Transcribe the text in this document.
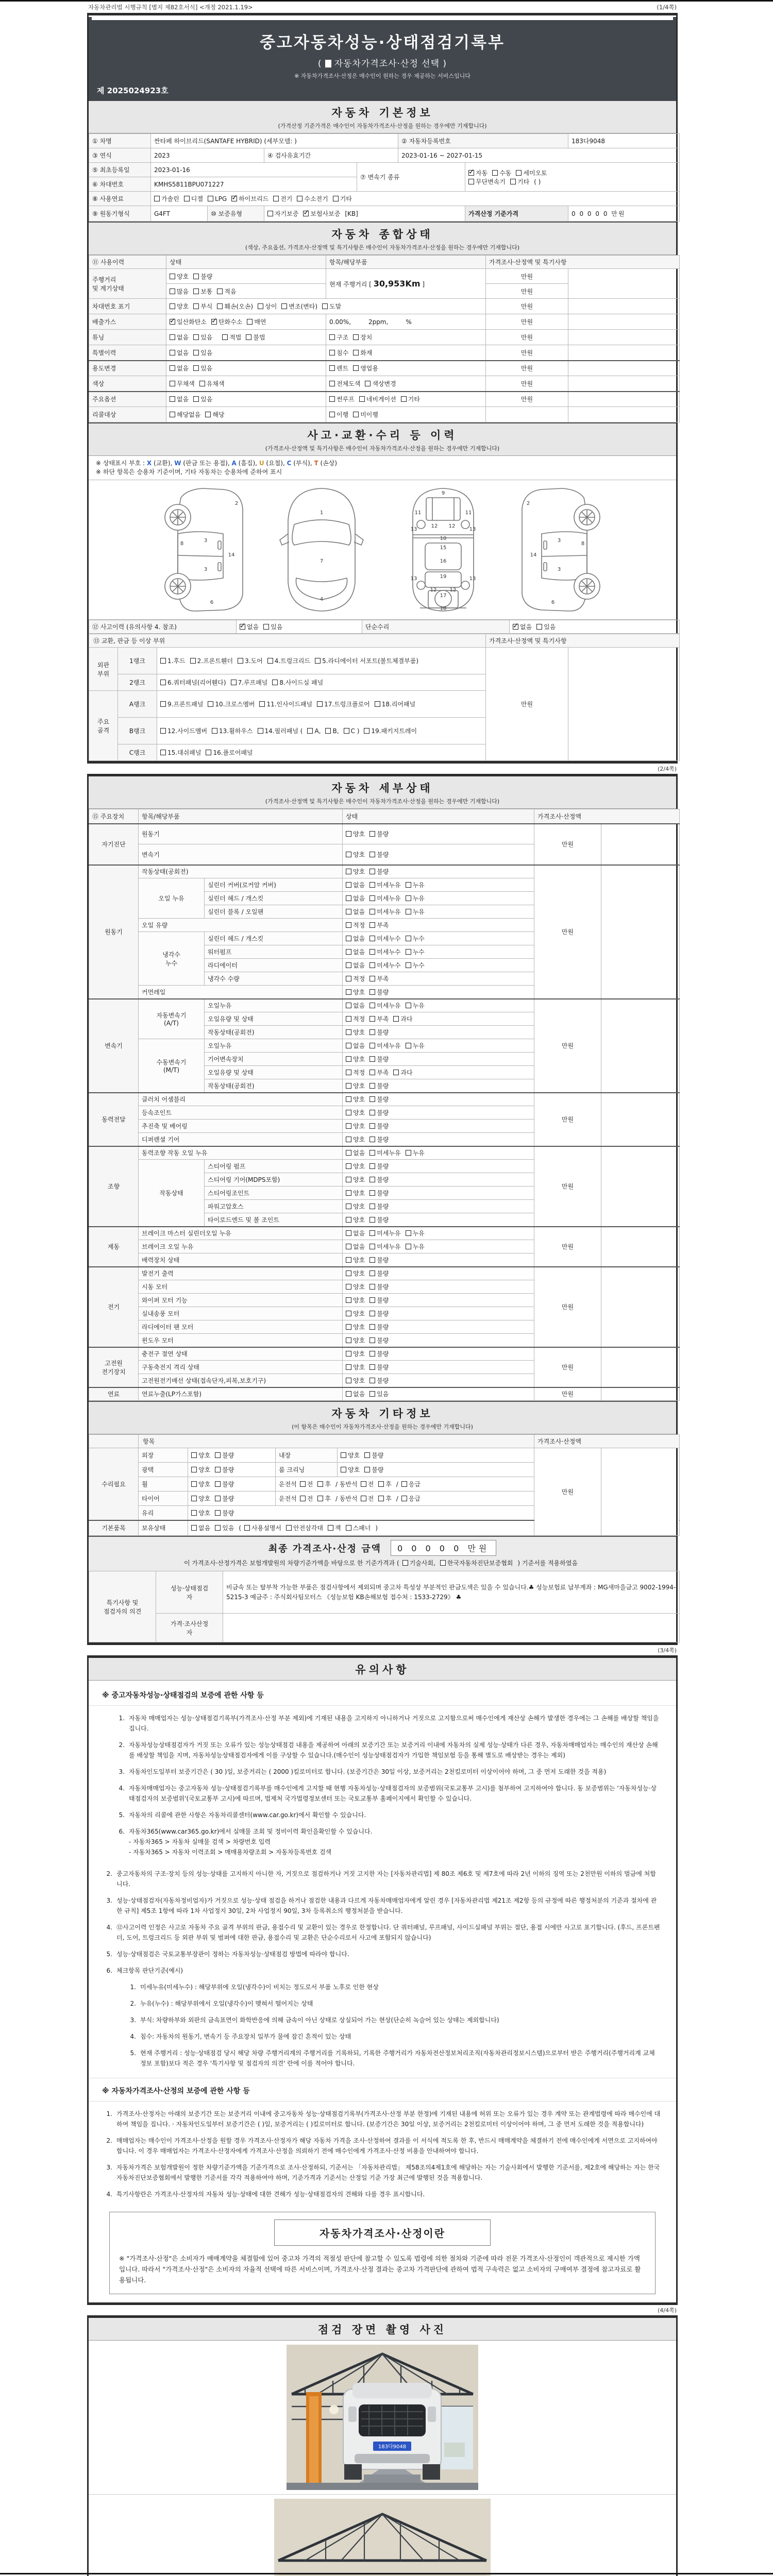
자동차관리법 시행규칙 [별지 제82호서식] <개정 2021.1.19>	(1/4쪽)
중고자동차성능·상태점검기록부
( 자동차가격조사·산정 선택 )
※ 자동차가격조사·산정은 매수인이 원하는 경우 제공하는 서비스입니다
제 2025024923호
자동차 기본정보
(가격산정 기준가격은 매수인이 자동차가격조사·산정을 원하는 경우에만 기재합니다)
① 차명	싼타페 하이브리드(SANTAFE HYBRID) (세부모델: )				② 자동차등록번호		183다9048
③ 연식	2023		④ 검사유효기간		2023-01-16 ~ 2027-01-15		
⑤ 최초등록일	2023-01-16			⑦ 변속기 종류	✓자동 수동 세미오토
무단변속기 기타 ( )
⑥ 차대번호	KMHS5811BPU071227						
⑧ 사용연료	가솔린 디젤 LPG ✓ 하이브리드 전기 수소전기 기타
⑨ 원동기형식	G4FT	⑩ 보증유형	자기보증 ✓ 보험사보증 [KB]			가격산정 기준가격	0 0 0 0 0 만원
자동차 종합상태
(색상, 주요옵션, 가격조사·산정액 및 특기사항은 매수인이 자동차가격조사·산정을 원하는 경우에만 기재합니다)
⑪ 사용이력	상태	항목/해당부품	가격조사·산정액 및 특기사항	
주행거리
및 계기상태	양호 불량	현재 주행거리 [ 30,953Km ]	만원	
	많음 보통 적음		만원	
차대번호 표기	양호 부식 훼손(오손) 상이 변조(변타) 도말		만원	
배출가스	✓일산화탄소 ✓ 탄화수소 매연	0.00%, 2ppm, %	만원	
튜닝	없음 있음 적법 불법	구조 장치	만원	
특별이력	없음 있음	침수 화재	만원	
용도변경	없음 있음	렌트 영업용	만원	
색상	무채색 유채색	전체도색 색상변경	만원	
주요옵션	없음 있음	썬루프 네비게이션 기타	만원	
리콜대상	해당없음 해당	이행 미이행		
사고·교환·수리 등 이력
(가격조사·산정액 및 특기사항은 매수인이 자동차가격조사·산정을 원하는 경우에만 기재합니다)
※ 상태표시 부호 : X (교환), W (판금 또는 용접), A (흠집), U (요철), C (부식), T (손상)
※ 하단 항목은 승용차 기준이며, 기타 자동차는 승용차에 준하여 표시
2
8
3
3
14
6
1
7
4
9
11	11
13	13
12 12
10
15
16
19
13	13
12	12
17
18
2
8
3
3
14
6
⑫ 사고이력 (유의사항 4. 참조)	✓없음 있음	단순수리	✓없음 있음
⑬ 교환, 판금 등 이상 부위			가격조사·산정액 및 특기사항	
외판
부위	1랭크	1.후드 2.프론트휀더 3.도어 4.트렁크리드 5.라디에이터 서포트(볼트체결부품)	만원	
	2랭크	6.쿼터패널(리어휀다) 7.루프패널 8.사이드실 패널		
주요
골격	A랭크	9.프론트패널 10.크로스멤버 11.인사이드패널 17.트렁크플로어 18.리어패널		
	B랭크	12.사이드멤버 13.휠하우스 14.필러패널 ( A, B, C ) 19.패키지트레이		
	C랭크	15.대쉬패널 16.플로어패널		
(2/4쪽)
자동차 세부상태
(가격조사·산정액 및 특기사항은 매수인이 자동차가격조사·산정을 원하는 경우에만 기재합니다)
⑮ 주요장치	항목/해당부품		상태	가격조사·산정액	
자기진단	원동기		양호 불량	만원	
	변속기		양호 불량		
원동기	작동상태(공회전)		양호 불량	만원	
	오일 누유	실린더 커버(로커암 커버)	없음 미세누유 누유		
		실린더 헤드 / 개스킷	없음 미세누유 누유		
		실린더 블록 / 오일팬	없음 미세누유 누유		
	오일 유량		적정 부족		
	냉각수
누수	실린더 헤드 / 개스킷	없음 미세누수 누수		
		워터펌프	없음 미세누수 누수		
		라디에이터	없음 미세누수 누수		
		냉각수 수량	적정 부족		
	커먼레일		양호 불량		
변속기	자동변속기
(A/T)	오일누유	없음 미세누유 누유	만원	
		오일유량 및 상태	적정 부족 과다		
		작동상태(공회전)	양호 불량		
	수동변속기
(M/T)	오일누유	없음 미세누유 누유		
		기어변속장치	양호 불량		
		오일유량 및 상태	적정 부족 과다		
		작동상태(공회전)	양호 불량		
동력전달	클러치 어셈블리		양호 불량	만원	
	등속조인트		양호 불량		
	추진축 및 베어링		양호 불량		
	디퍼렌셜 기어		양호 불량		
조향	동력조향 작동 오일 누유		없음 미세누유 누유	만원	
	작동상태	스티어링 펌프	양호 불량		
		스티어링 기어(MDPS포함)	양호 불량		
		스티어링조인트	양호 불량		
		파워고압호스	양호 불량		
		타이로드엔드 및 볼 조인트	양호 불량		
제동	브레이크 마스터 실린더오일 누유		없음 미세누유 누유	만원	
	브레이크 오일 누유		없음 미세누유 누유		
	배력장치 상태		양호 불량		
전기	발전기 출력		양호 불량	만원	
	시동 모터		양호 불량		
	와이퍼 모터 기능		양호 불량		
	실내송풍 모터		양호 불량		
	라디에이터 팬 모터		양호 불량		
	윈도우 모터		양호 불량		
고전원
전기장치	충전구 절연 상태		양호 불량	만원	
	구동축전지 격리 상태		양호 불량		
	고전원전기배선 상태(접속단자,피복,보호기구)		양호 불량		
연료	연료누출(LP가스포함)		없음 있음	만원	
자동차 기타정보
(이 항목은 매수인이 자동차가격조사·산정을 원하는 경우에만 기재합니다)
	항목				가격조사·산정액		
수리필요	외장	양호 불량	내장	양호 불량	만원		
	광택	양호 불량	룸 크리닝	양호 불량			
	휠	양호 불량	운전석 전 후 / 동반석 전 후 / 응급				
	타이어	양호 불량	운전석 전 후 / 동반석 전 후 / 응급				
	유리	양호 불량					
기본품목	보유상태	없음 있음 ( 사용설명서 안전삼각대 잭 스패너 )					
최종 가격조사·산정 금액	0 0 0 0 0 만원
이 가격조사·산정가격은 보험개발원의 차량기준가액을 바탕으로 한 기준가격과 ( 기술사회, 한국자동차진단보증협회 ) 기준서를 적용하였음
특기사항 및
점검자의 의견	성능·상태점검
자	비금속 또는 탈부착 가능한 부품은 점검사항에서 제외되며 중고차 특성상 부분적인 판금도색은 있을 수 있습니다.♣ 성능보험료 납부계좌 : MG새마을금고 9002-1994-5215-3 예금주 : 주식회사팀모터스 《성능보험 KB손해보험 접수처 : 1533-2729》 ♣
	가격·조사산정
자	
(3/4쪽)
유의사항
※ 중고자동차성능·상태점검의 보증에 관한 사항 등
1. 자동차 매매업자는 성능·상태점검기록부(가격조사·산정 부분 제외)에 기재된 내용을 고지하지 아니하거나 거짓으로 고지함으로써 매수인에게 재산상 손해가 발생한 경우에는 그 손해를 배상할 책임을 집니다.
2. 자동차성능상태점검자가 거짓 또는 오류가 있는 성능상태점검 내용을 제공하여 아래의 보증기간 또는 보증거리 이내에 자동차의 실제 성능·상태가 다른 경우, 자동차매매업자는 매수인의 재산상 손해를 배상할 책임을 지며, 자동차성능상태점검자에게 이를 구상할 수 있습니다.(매수인이 성능상태점검자가 가입한 책임보험 등을 통해 별도로 배상받는 경우는 제외)
3. 자동차인도일부터 보증기간은 ( 30 )일, 보증거리는 ( 2000 )킬로미터로 합니다. (보증기간은 30일 이상, 보증거리는 2천킬로미터 이상이어야 하며, 그 중 먼저 도래한 것을 적용)
4. 자동차매매업자는 중고자동차 성능·상태점검기록부를 매수인에게 고지할 때 현행 자동차성능·상태점검자의 보증범위(국토교통부 고시)를 첨부하여 고지하여야 합니다. 동 보증범위는 '자동차성능·상태점검자의 보증범위'(국토교통부 고시)에 따르며, 법제처 국가법령정보센터 또는 국토교통부 홈페이지에서 확인할 수 있습니다.
5. 자동차의 리콜에 관한 사항은 자동차리콜센터(www.car.go.kr)에서 확인할 수 있습니다.
6. 자동차365(www.car365.go.kr)에서 실매물 조회 및 정비이력 확인을확인할 수 있습니다.
- 자동차365 > 자동차 실매물 검색 > 차량번호 입력
- 자동차365 > 자동차 이력조회 > 매매용차량조회 > 자동차등록번호 검색
2. 중고자동차의 구조·장치 등의 성능·상태를 고지하지 아니한 자, 거짓으로 점검하거나 거짓 고지한 자는 [자동차관리법] 제 80조 제6호 및 제7호에 따라 2년 이하의 징역 또는 2천만원 이하의 벌금에 처합니다.
3. 성능·상태점검자(자동차정비업자)가 거짓으로 성능·상태 점검을 하거나 점검한 내용과 다르게 자동차매매업자에게 알린 경우 [자동차관리법 제21조 제2항 등의 규정에 따른 행정처분의 기준과 절차에 관한 규칙] 제5조 1항에 따라 1차 사업정지 30일, 2차 사업정지 90일, 3차 등록취소의 행정처분을 받습니다.
4. ⑫사고이력 인정은 사고로 자동차 주요 골격 부위의 판금, 용접수리 및 교환이 있는 경우로 한정합니다. 단 쿼터패널, 루프패널, 사이드실패널 부위는 절단, 용접 시에만 사고로 표기합니다. (후드, 프론트펜더, 도어, 트렁크리드 등 외판 부위 및 범퍼에 대한 판금, 용접수리 및 교환은 단순수리로서 사고에 포함되지 않습니다)
5. 성능·상태점검은 국토교통부장관이 정하는 자동차성능·상태점검 방법에 따라야 합니다.
6. 체크항목 판단기준(예시)
1. 미세누유(미세누수) : 해당부위에 오일(냉각수)이 비치는 정도로서 부품 노후로 인한 현상
2. 누유(누수) : 해당부위에서 오일(냉각수)이 맺혀서 떨어지는 상태
3. 부식: 차량하부와 외판의 금속표면이 화학반응에 의해 금속이 아닌 상태로 상실되어 가는 현상(단순히 녹슬어 있는 상태는 제외합니다)
4. 침수: 자동차의 원동기, 변속기 등 주요장치 일부가 물에 잠긴 흔적이 있는 상태
5. 현재 주행거리 : 성능·상태점검 당시 해당 차량 주행거리계의 주행거리를 기록하되, 기록한 주행거리가 자동차전산정보처리조직(자동차관리정보시스템)으로부터 받은 주행거리(주행거리계 교체 정보 포함)보다 적은 경우 '특기사항 및 점검자의 의견' 란에 이를 적어야 합니다.
※ 자동차가격조사·산정의 보증에 관한 사항 등
1. 가격조사·산정자는 아래의 보증기간 또는 보증거리 이내에 중고자동차 성능·상태점검기록부(가격조사·산정 부분 한정)에 기재된 내용에 허위 또는 오류가 있는 경우 계약 또는 관계법령에 따라 매수인에 대하여 책임을 집니다. · 자동차인도일부터 보증기간은 ( )일, 보증거리는 ( )킬로미터로 합니다. (보증기간은 30일 이상, 보증거리는 2천킬로미터 이상이어야 하며, 그 중 먼저 도래한 것을 적용합니다)
2. 매매업자는 매수인이 가격조사·산정을 원할 경우 가격조사·산정자가 해당 자동차 가격을 조사·산정하여 결과를 이 서식에 적도록 한 후, 반드시 매매계약을 체결하기 전에 매수인에게 서면으로 고지하여야 합니다. 이 경우 매매업자는 가격조사·산정자에게 가격조사·산정을 의뢰하기 전에 매수인에게 가격조사·산정 비용을 안내하여야 합니다.
3. 자동차가격은 보험개발원이 정한 차량기준가액을 기준가격으로 조사·산정하되, 기준서는 「자동차관리법」 제58조의4제1호에 해당하는 자는 기술사회에서 발행한 기준서를, 제2호에 해당하는 자는 한국자동차진단보증협회에서 발행한 기준서를 각각 적용하여야 하며, 기준가격과 기준서는 산정일 기준 가장 최근에 발행된 것을 적용합니다.
4. 특기사항란은 가격조사·산정자의 자동차 성능·상태에 대한 견해가 성능·상태점검자의 견해와 다를 경우 표시합니다.
자동차가격조사·산정이란
※ "가격조사·산정"은 소비자가 매매계약을 체결함에 있어 중고차 가격의 적절성 판단에 참고할 수 있도록 법령에 의한 절차와 기준에 따라 전문 가격조사·산정인이 객관적으로 제시한 가액입니다. 따라서 "가격조사·산정"은 소비자의 자율적 선택에 따른 서비스이며, 가격조사·산정 결과는 중고차 가격판단에 관하여 법적 구속력은 없고 소비자의 구매여부 결정에 참고자료로 활용됩니다.
(4/4쪽)
점검 장면 촬영 사진
183다9048
